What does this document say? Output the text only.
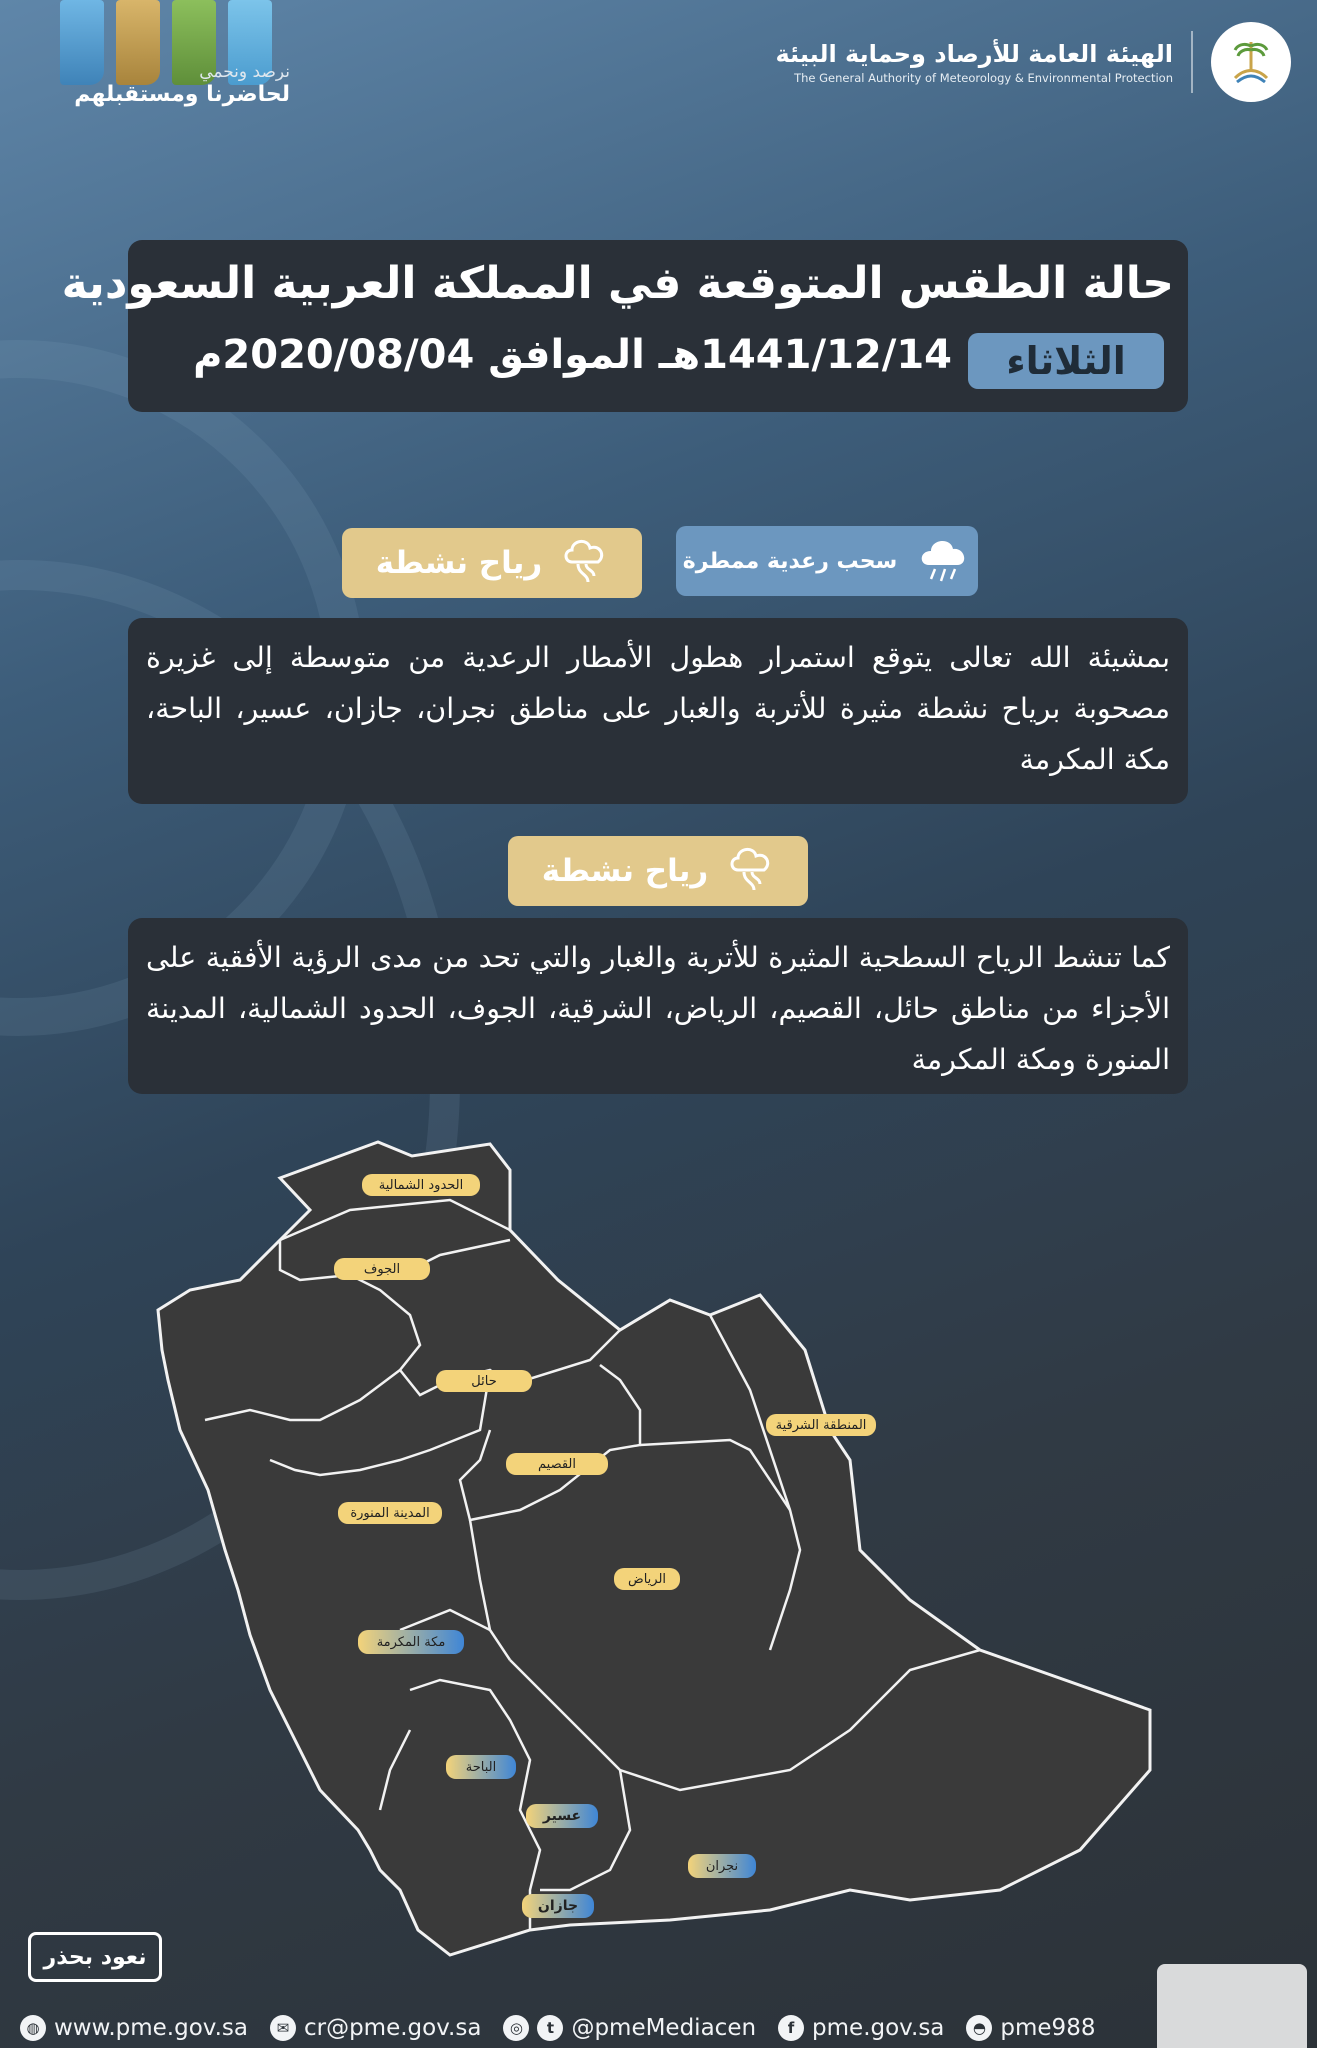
نرصد ونحمي
لحاضرنا ومستقبلهم
الهيئة العامة للأرصاد وحماية البيئة
The General Authority of Meteorology & Environmental Protection
حالة الطقس المتوقعة في المملكة العربية السعودية
الثلاثاء
1441/12/14هـ الموافق 2020/08/04م
رياح نشطة	سحب رعدية ممطرة
بمشيئة الله تعالى يتوقع استمرار هطول الأمطار الرعدية من متوسطة إلى غزيرة مصحوبة برياح نشطة مثيرة للأتربة والغبار على مناطق نجران، جازان، عسير، الباحة، مكة المكرمة
رياح نشطة
كما تنشط الرياح السطحية المثيرة للأتربة والغبار والتي تحد من مدى الرؤية الأفقية على الأجزاء من مناطق حائل، القصيم، الرياض، الشرقية، الجوف، الحدود الشمالية، المدينة المنورة ومكة المكرمة
الحدود الشمالية
الجوف
حائل
القصيم
المدينة المنورة
المنطقة الشرقية
الرياض
مكة المكرمة
الباحة
عسير
نجران
جازان
نعود بحذر
◍ www.pme.gov.sa	✉ cr@pme.gov.sa	◎	t @pmeMediacen	f pme.gov.sa	◓ pme988
